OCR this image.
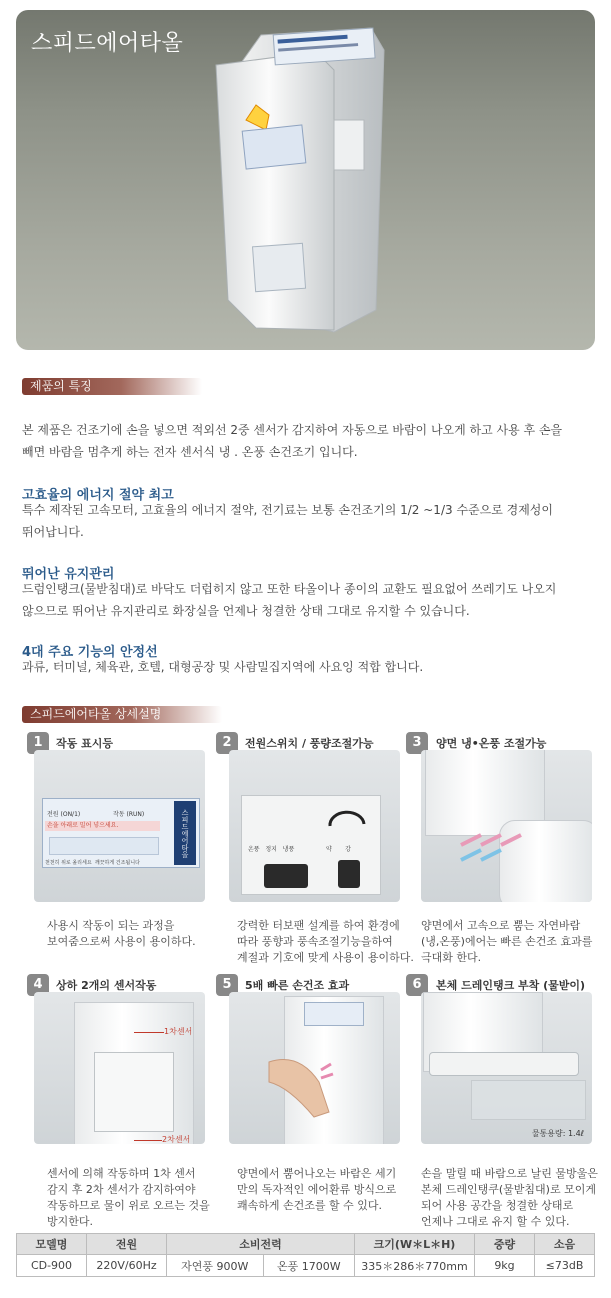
스피드에어타올
제품의 특징
본 제품은 건조기에 손을 넣으면 적외선 2중 센서가 감지하여 자동으로 바람이 나오게 하고 사용 후 손을
빼면 바람을 멈추게 하는 전자 센서식 냉 . 온풍 손건조기 입니다.
고효율의 에너지 절약 최고
특수 제작된 고속모터, 고효율의 에너지 절약, 전기료는 보통 손건조기의 1/2 ~1/3 수준으로 경제성이
뛰어납니다.
뛰어난 유지관리
드럼인탱크(물받침대)로 바닥도 더럽히지 않고 또한 타올이나 종이의 교환도 필요없어 쓰레기도 나오지
않으므로 뛰어난 유지관리로 화장실을 언제나 청결한 상태 그대로 유지할 수 있습니다.
4대 주요 기능의 안정선
과류, 터미널, 체육관, 호텔, 대형공장 및 사람밀집지역에 사요잉 적합 합니다.
스피드에어타올 상세설명
1	작동 표시등
전원 (ON/1)	작동 (RUN)
손을 아래로 밀어 넣으세요.
천천히 위로 올리세요 깨끗하게 건조됩니다
스피드에어타올
사용시 작동이 되는 과정을
보여줌으로써 사용이 용이하다.
2	전원스위치 / 풍량조절가능
온풍 정지 냉풍	약 강
강력한 터보팬 설계를 하여 환경에
따라 풍향과 풍속조절기능을하여
계절과 기호에 맞게 사용이 용이하다.
3	양면 냉•온풍 조절가능
양면에서 고속으로 뿜는 자연바람
(냉,온풍)에어는 빠른 손건조 효과를
극대화 한다.
4	상하 2개의 센서작동
1차센서
2차센서
센서에 의해 작동하며 1차 센서
감지 후 2차 센서가 감지하여야
작동하므로 물이 위로 오르는 것을
방지한다.
5	5배 빠른 손건조 효과
양면에서 뿜어나오는 바람은 세기
만의 독자적인 에어환류 방식으로
쾌속하게 손건조를 할 수 있다.
6	본체 드레인탱크 부착 (물받이)
물통용량: 1.4ℓ
손을 말릴 때 바람으로 날린 물방울은
본체 드레인탱쿠(물받침대)로 모이게
되어 사용 공간을 청결한 상태로
언제나 그대로 유지 할 수 있다.
모델명	전원	소비전력		크기(W＊L＊H)	중량	소음
CD-900	220V/60Hz	자연풍 900W	온풍 1700W	335＊286＊770mm	9kg	≤73dB
